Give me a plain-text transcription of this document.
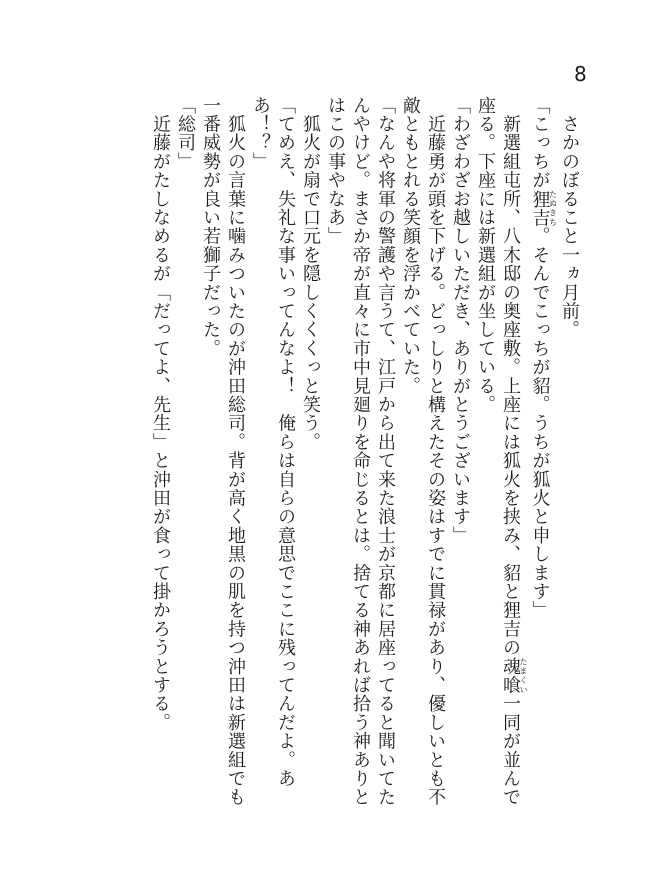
8
　さかのぼること一ヵ月前。
「こっちが狸吉たぬきち。そんでこっちが貂。うちが狐火と申します」
　新選組屯所、八木邸の奥座敷。上座には狐火を挟み、貂と狸吉の魂喰たまくい一同が並んで
座る。下座には新選組が坐している。
「わざわざお越しいただき、ありがとうございます」
　近藤勇が頭を下げる。どっしりと構えたその姿はすでに貫禄があり、優しいとも不
敵ともとれる笑顔を浮かべていた。
「なんや将軍の警護や言うて、江戸から出て来た浪士が京都に居座ってると聞いてた
んやけど。まさか帝が直々に市中見廻りを命じるとは。捨てる神あれば拾う神ありと
はこの事やなあ」
　狐火が扇で口元を隠しくくくっと笑う。
「てめえ、失礼な事いってんなよ！　俺らは自らの意思でここに残ってんだよ。あ
あ！？」
　狐火の言葉に噛みついたのが沖田総司。背が高く地黒の肌を持つ沖田は新選組でも
一番威勢が良い若獅子だった。
「総司」
　近藤がたしなめるが「だってよ、先生」と沖田が食って掛かろうとする。
